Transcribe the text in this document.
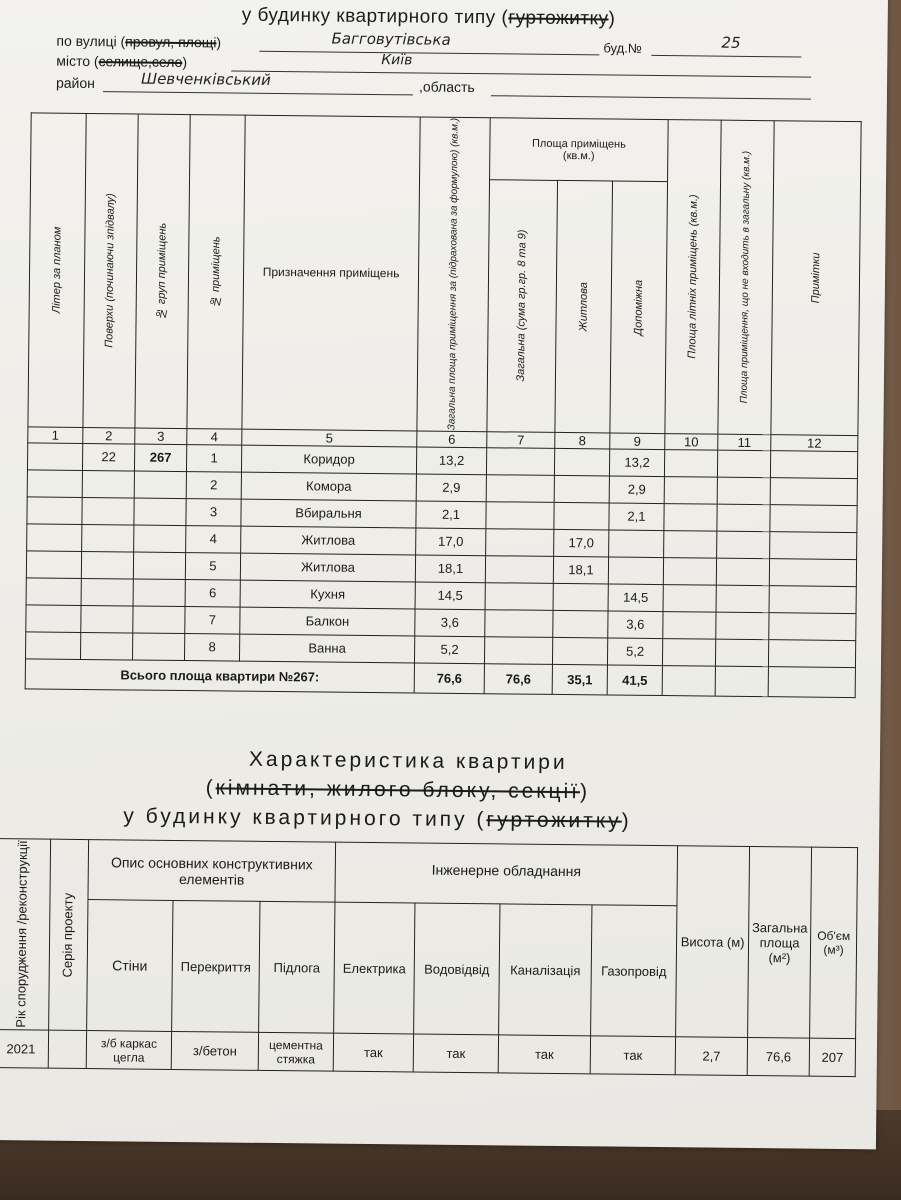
у будинку квартирного типу (гуртожитку)
по вулиці (провул, площі)	Багговутівська	буд.№	25
місто (селище,село)	Київ
район	Шевченківський	,область
Літер за планом	Поверхи (починаючи зпідвалу)	№ груп приміщень	№ приміщень	Призначення приміщень	Загальна площа приміщення за (підрахована за формулою) (кв.м.)	Площа приміщень
(кв.м.)			Площа літніх приміщень (кв.м.)	Площа приміщення, що не входить в загальну (кв.м.)	Примітки

						Загальна (сума гр.гр. 8 та 9)	Житлова	Допоміжна			

1	2	3	4	5	6	7	8	9	10	11	12
	22	267	1	Коридор	13,2			13,2			
			2	Комора	2,9			2,9			
			3	Вбиральня	2,1			2,1			
			4	Житлова	17,0		17,0				
			5	Житлова	18,1		18,1				
			6	Кухня	14,5			14,5			
			7	Балкон	3,6			3,6			
			8	Ванна	5,2			5,2			
Всього площа квартири №267:					76,6	76,6	35,1	41,5			
Характеристика квартири
(кімнати, жилого блоку, секції)
у будинку квартирного типу (гуртожитку)
Рік спорудження /реконструкції	Серія проекту	Опис основних конструктивних елементів			Інженерне обладнання				Висота (м)	Загальна площа (м²)	Об'єм (м³)
		Стіни	Перекриття	Підлога	Електрика	Водовідвід	Каналізація	Газопровід			
2021		з/б каркас цегла	з/бетон	цементна стяжка	так	так	так	так	2,7	76,6	207
